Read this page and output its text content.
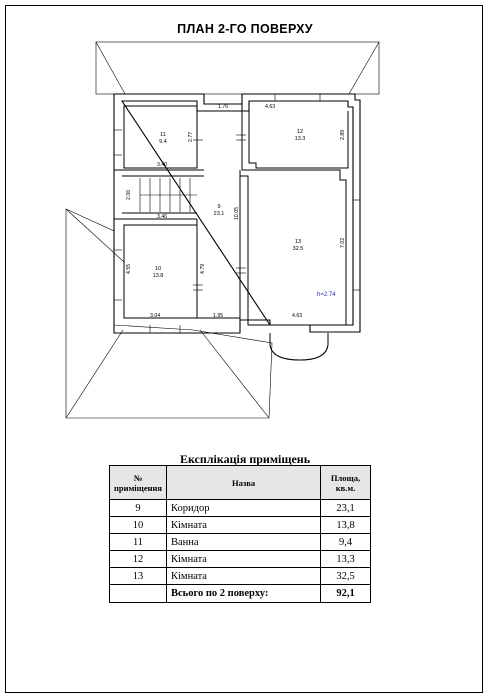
ПЛАН 2-ГО ПОВЕРХУ
1.76	4.63
2.77	2.89
3.40
2.06
3.46	10.05
7.02
4.55	4.79
3.04	1.95	4.63
11
9.4
12
13.3
9
23.1
13
32.5
10
13.8
h=2.74
Експлікація приміщень
№ приміщення	Назва	Площа, кв.м.
9	Коридор	23,1
10	Кімната	13,8
11	Ванна	9,4
12	Кімната	13,3
13	Кімната	32,5
	Всього по 2 поверху:	92,1
